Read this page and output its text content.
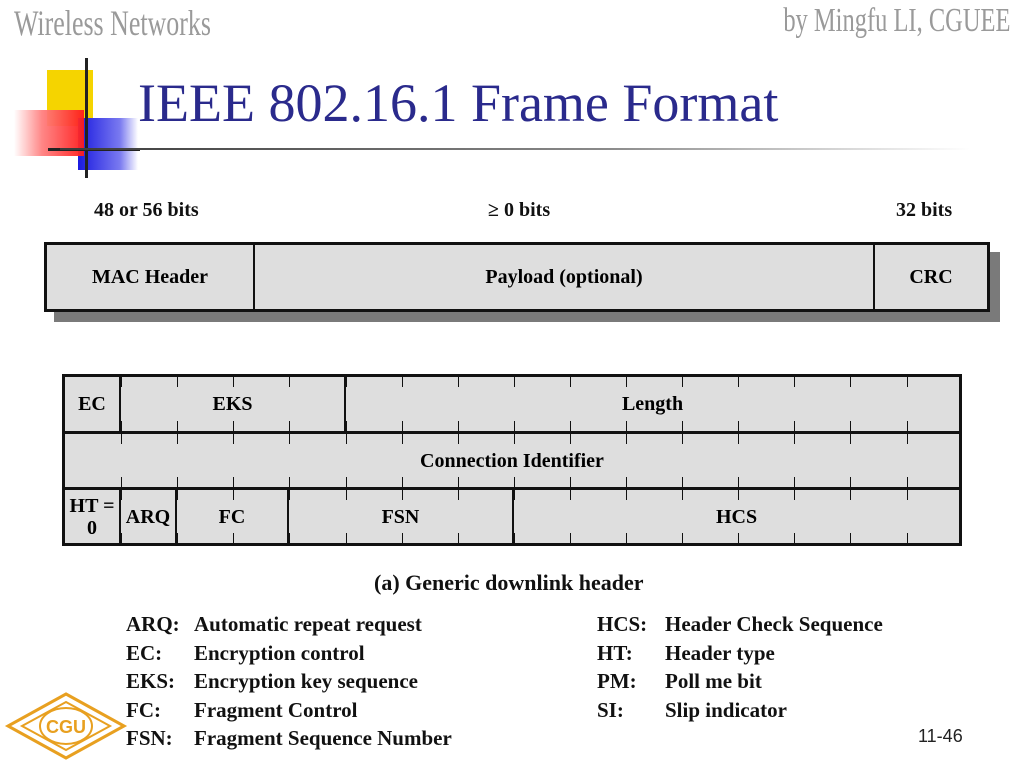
Wireless Networks	by Mingfu LI, CGUEE
IEEE 802.16.1 Frame Format
48 or 56 bits	≥ 0 bits	32 bits
MAC Header	Payload (optional)	CRC
EC	EKS	Length
Connection Identifier
HT = 0	ARQ	FC	FSN	HCS
(a) Generic downlink header
ARQ: Automatic repeat request
EC:	Encryption control
EKS: Encryption key sequence
FC:	Fragment Control
FSN:	Fragment Sequence Number
HCS: Header Check Sequence
HT:	Header type
PM:	Poll me bit
SI:	Slip indicator
CGU	11-46
